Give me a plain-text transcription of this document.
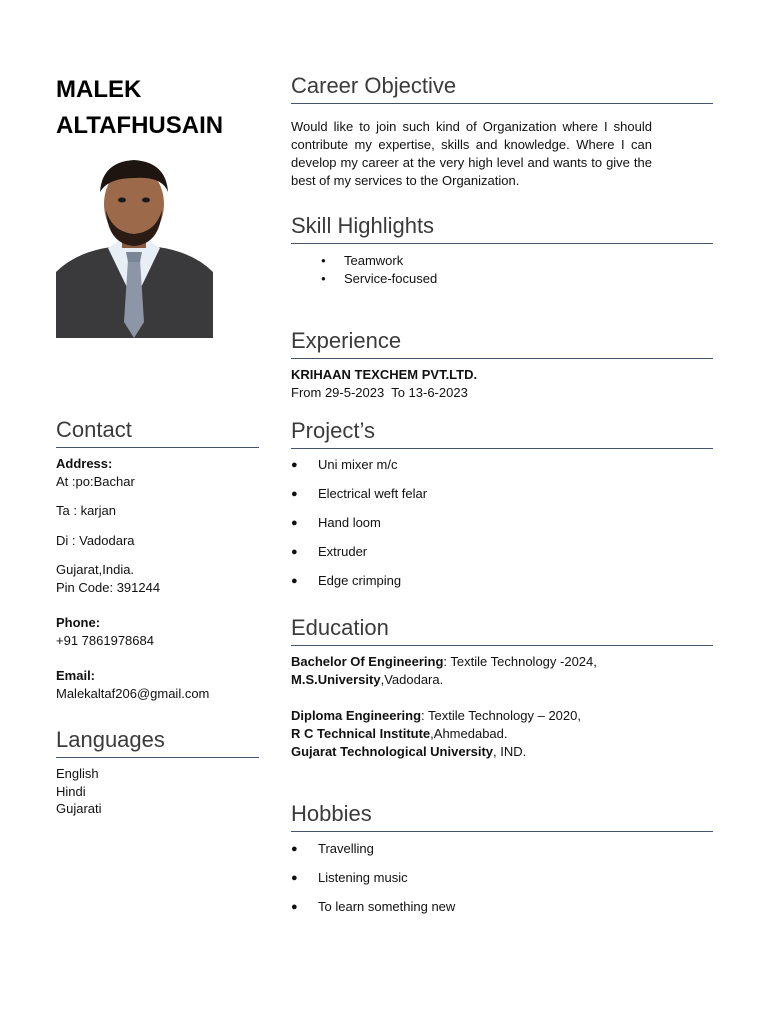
MALEK
ALTAFHUSAIN
Contact
Address:
At :po:Bachar
Ta : karjan
Di : Vadodara
Gujarat,India.
Pin Code: 391244
Phone:
+91 7861978684
Email:
Malekaltaf206@gmail.com
Languages
English
Hindi
Gujarati
Career Objective
Would like to join such kind of Organization where I should contribute my expertise, skills and knowledge. Where I can develop my career at the very high level and wants to give the best of my services to the Organization.
Skill Highlights
●	Teamwork
●	Service-focused
Experience
KRIHAAN TEXCHEM PVT.LTD.
From 29-5-2023  To 13-6-2023
Project’s
● Uni mixer m/c
● Electrical weft felar
● Hand loom
● Extruder
● Edge crimping
Education
Bachelor Of Engineering: Textile Technology -2024,
M.S.University,Vadodara.
Diploma Engineering: Textile Technology – 2020,
R C Technical Institute,Ahmedabad.
Gujarat Technological University, IND.
Hobbies
● Travelling
● Listening music
● To learn something new
